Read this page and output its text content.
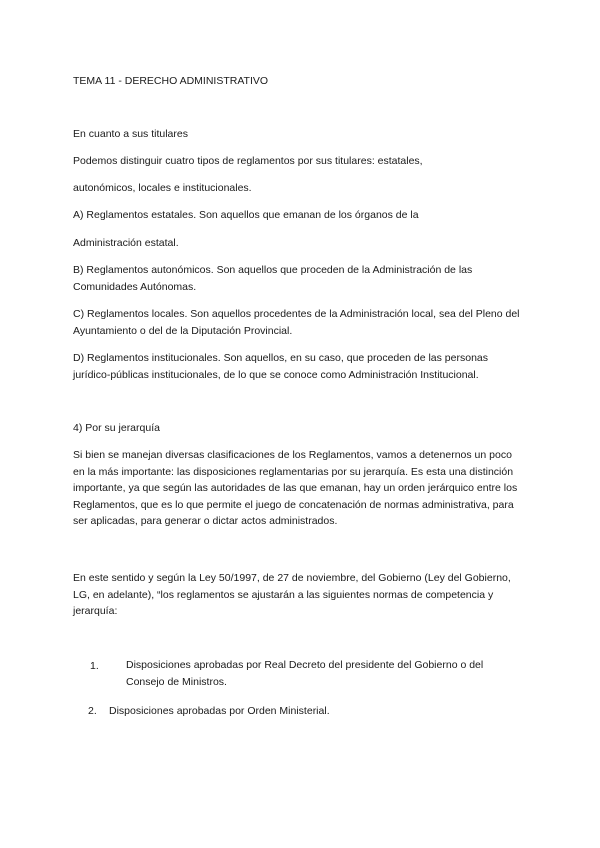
TEMA 11 - DERECHO ADMINISTRATIVO
En cuanto a sus titulares
Podemos distinguir cuatro tipos de reglamentos por sus titulares: estatales,
autonómicos, locales e institucionales.
A) Reglamentos estatales. Son aquellos que emanan de los órganos de la
Administración estatal.
B) Reglamentos autonómicos. Son aquellos que proceden de la Administración de las Comunidades Autónomas.
C) Reglamentos locales. Son aquellos procedentes de la Administración local, sea del Pleno del Ayuntamiento o del de la Diputación Provincial.
D) Reglamentos institucionales. Son aquellos, en su caso, que proceden de las personas jurídico-públicas institucionales, de lo que se conoce como Administración Institucional.
4) Por su jerarquía
Si bien se manejan diversas clasificaciones de los Reglamentos, vamos a detenernos un poco en la más importante: las disposiciones reglamentarias por su jerarquía. Es esta una distinción importante, ya que según las autoridades de las que emanan, hay un orden jerárquico entre los Reglamentos, que es lo que permite el juego de concatenación de normas administrativa, para ser aplicadas, para generar o dictar actos administrados.
En este sentido y según la Ley 50/1997, de 27 de noviembre, del Gobierno (Ley del Gobierno, LG, en adelante), “los reglamentos se ajustarán a las siguientes normas de competencia y jerarquía:
1.	Disposiciones aprobadas por Real Decreto del presidente del Gobierno o del Consejo de Ministros.
2. Disposiciones aprobadas por Orden Ministerial.
